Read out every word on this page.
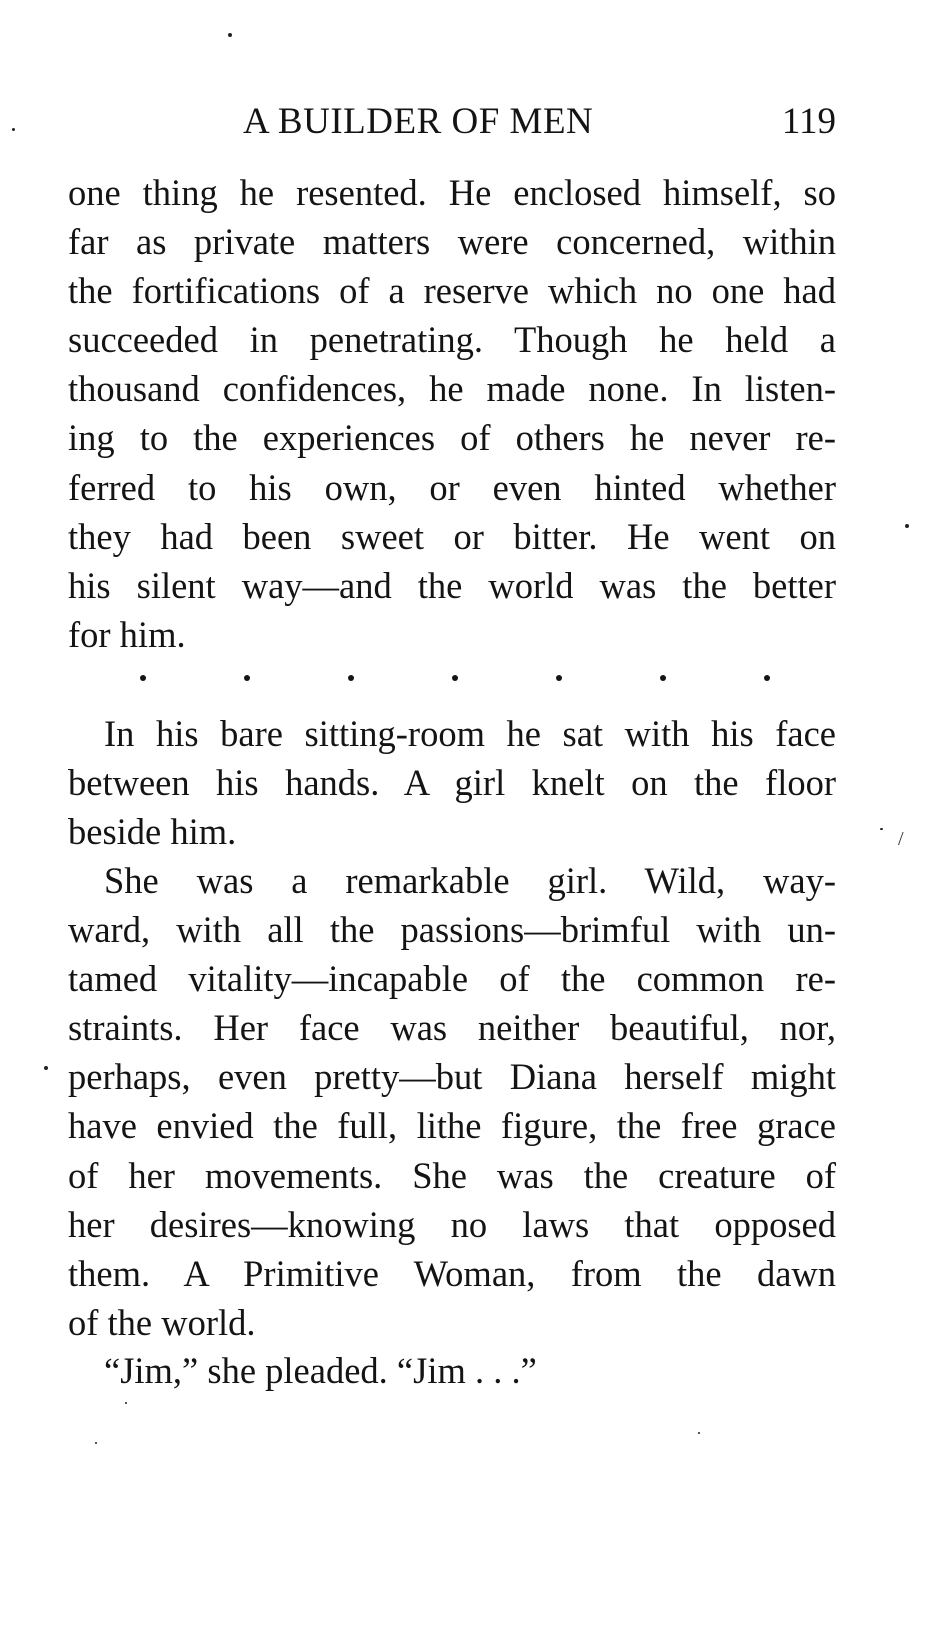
/
A BUILDER OF MEN	119
one thing he resented. He enclosed himself, so
far as private matters were concerned, within
the fortifications of a reserve which no one had
succeeded in penetrating. Though he held a
thousand confidences, he made none. In listen-
ing to the experiences of others he never re-
ferred to his own, or even hinted whether
they had been sweet or bitter. He went on
his silent way—and the world was the better
for him.
In his bare sitting-room he sat with his face
between his hands. A girl knelt on the floor
beside him.
She was a remarkable girl. Wild, way-
ward, with all the passions—brimful with un-
tamed vitality—incapable of the common re-
straints. Her face was neither beautiful, nor,
perhaps, even pretty—but Diana herself might
have envied the full, lithe figure, the free grace
of her movements. She was the creature of
her desires—knowing no laws that opposed
them. A Primitive Woman, from the dawn
of the world.
“Jim,” she pleaded. “Jim . . .”
